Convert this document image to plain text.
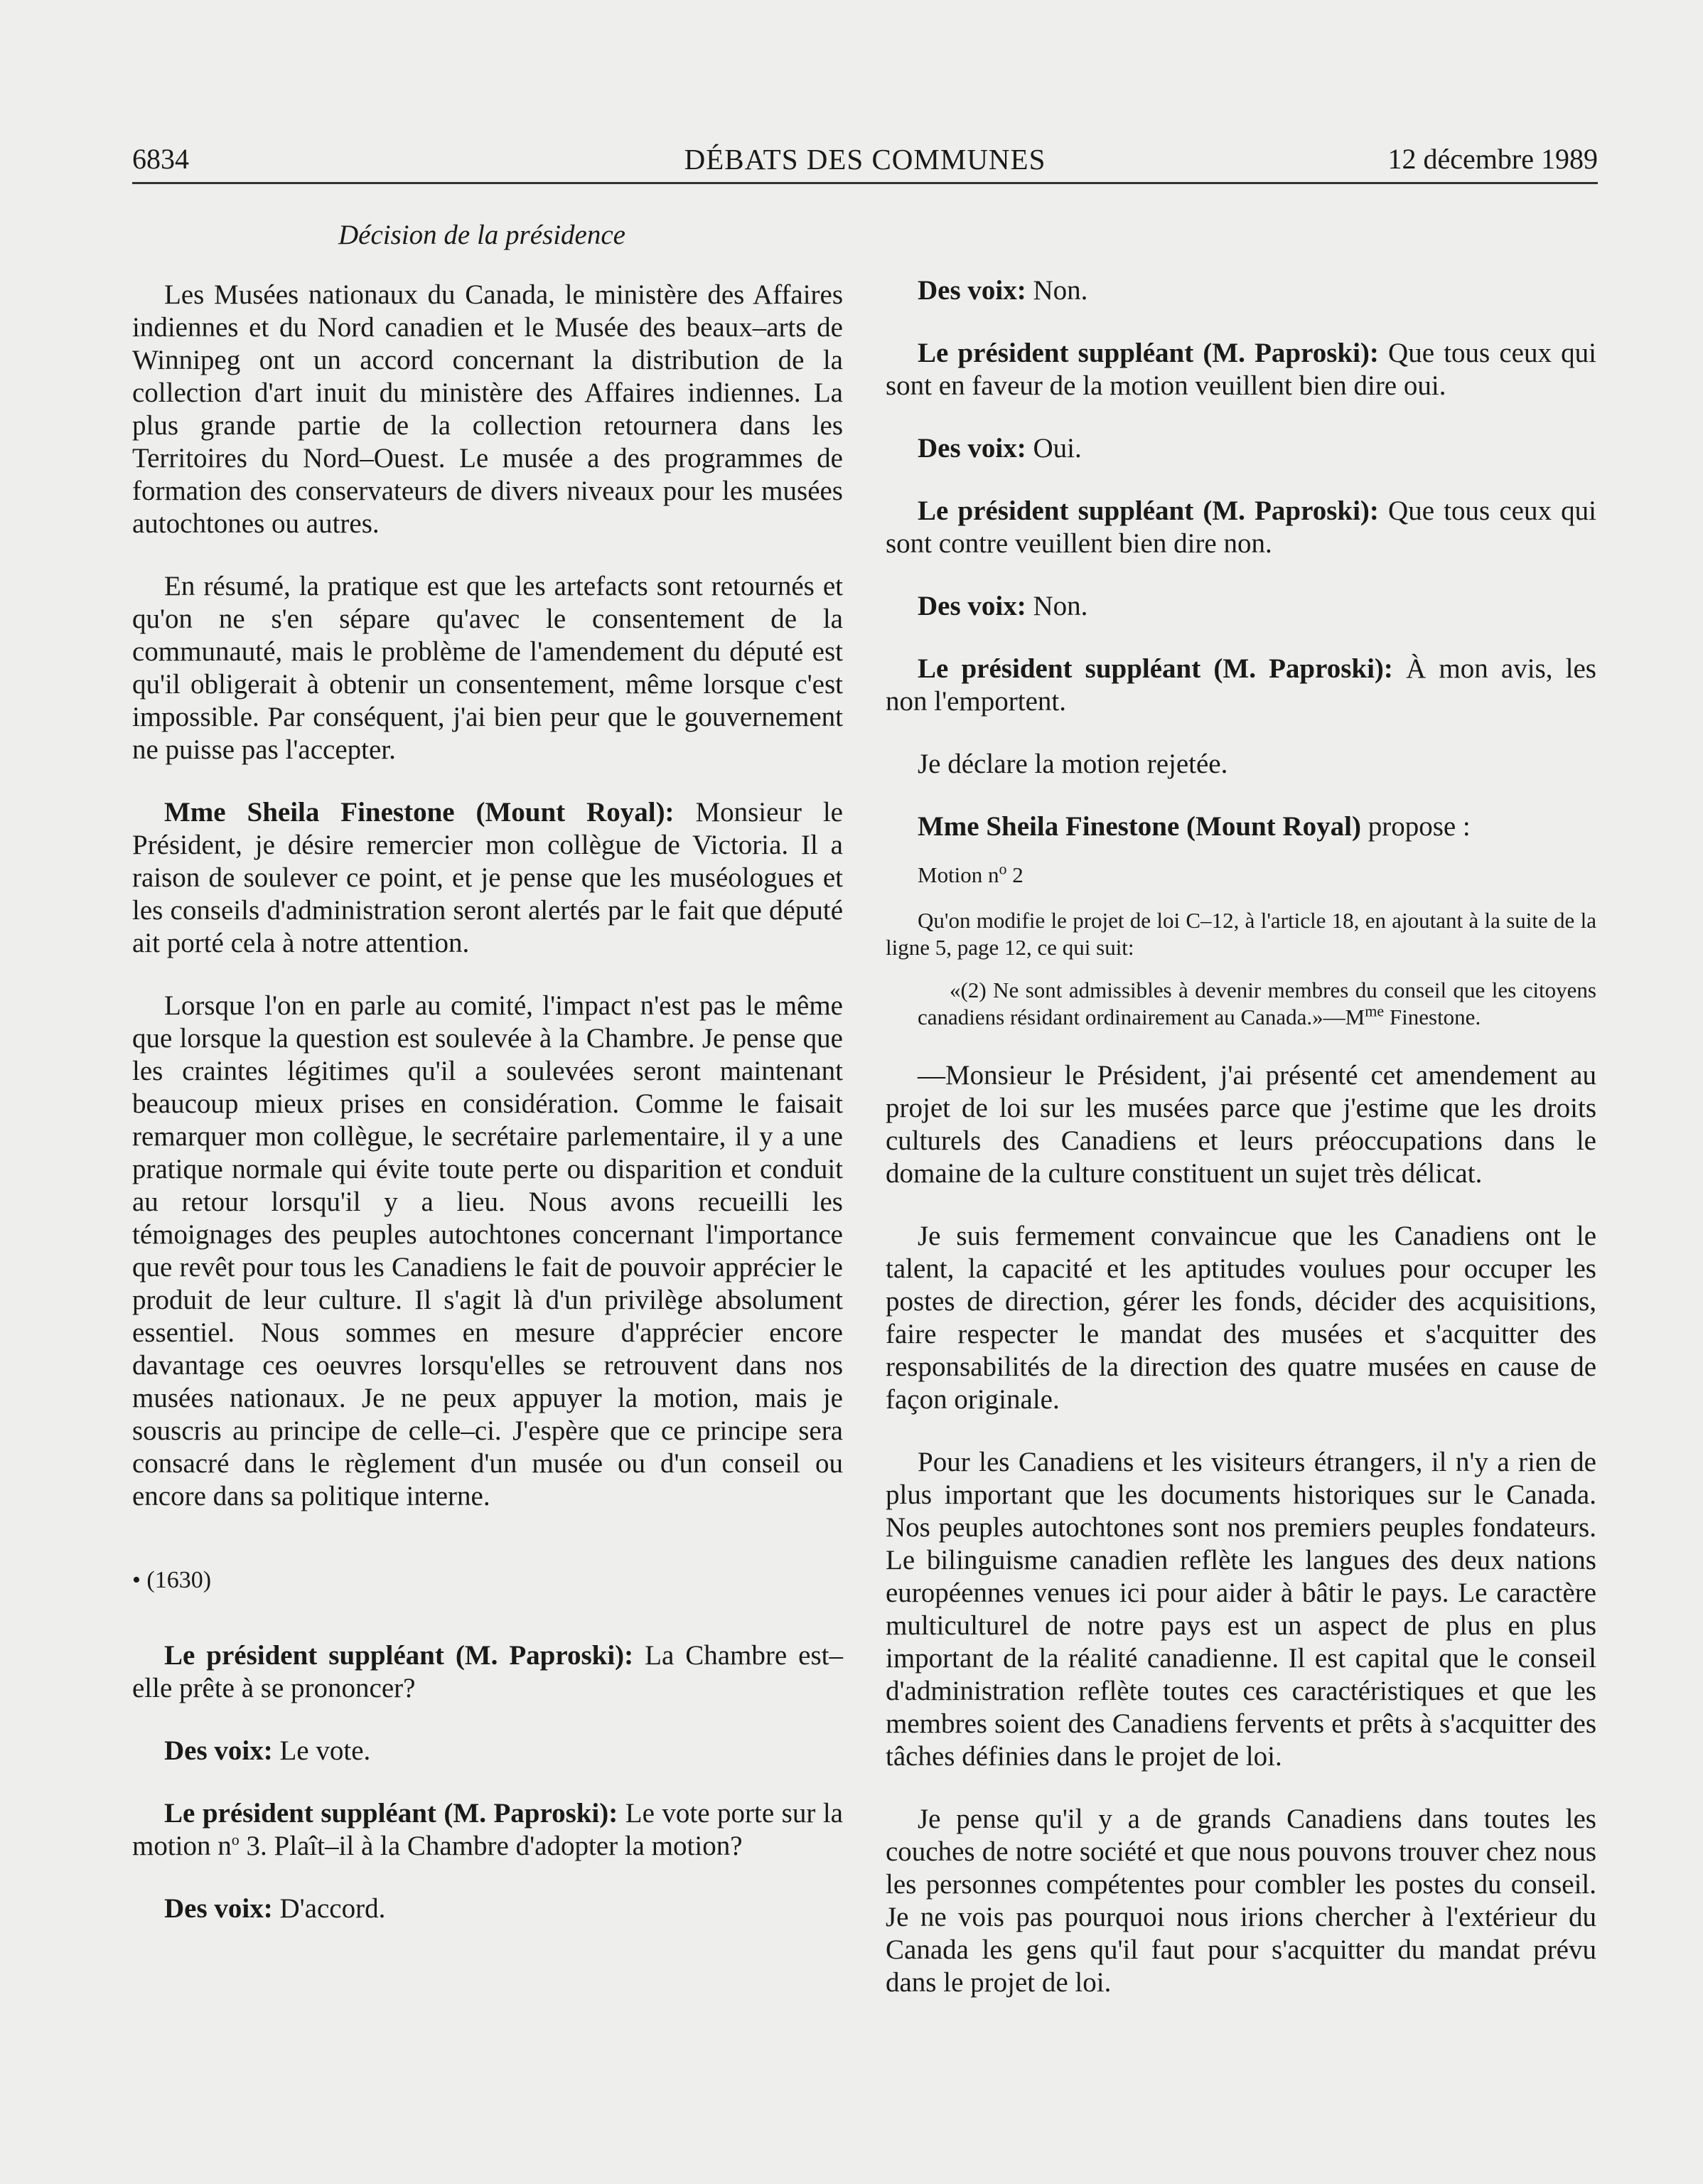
6834	DÉBATS DES COMMUNES	12 décembre 1989
Décision de la présidence

Les Musées nationaux du Canada, le ministère des Affaires indiennes et du Nord canadien et le Musée des beaux–arts de Winnipeg ont un accord concernant la distribution de la collection d'art inuit du ministère des Affaires indiennes. La plus grande partie de la collection retournera dans les Territoires du Nord–Ouest. Le musée a des programmes de formation des conservateurs de divers niveaux pour les musées autochtones ou autres.

En résumé, la pratique est que les artefacts sont retournés et qu'on ne s'en sépare qu'avec le consentement de la communauté, mais le problème de l'amendement du député est qu'il obligerait à obtenir un consentement, même lorsque c'est impossible. Par conséquent, j'ai bien peur que le gouvernement ne puisse pas l'accepter.

Mme Sheila Finestone (Mount Royal): Monsieur le Président, je désire remercier mon collègue de Victoria. Il a raison de soulever ce point, et je pense que les muséologues et les conseils d'administration seront alertés par le fait que député ait porté cela à notre attention.

Lorsque l'on en parle au comité, l'impact n'est pas le même que lorsque la question est soulevée à la Chambre. Je pense que les craintes légitimes qu'il a soulevées seront maintenant beaucoup mieux prises en considération. Comme le faisait remarquer mon collègue, le secrétaire parlementaire, il y a une pratique normale qui évite toute perte ou disparition et conduit au retour lorsqu'il y a lieu. Nous avons recueilli les témoignages des peuples autochtones concernant l'importance que revêt pour tous les Canadiens le fait de pouvoir apprécier le produit de leur culture. Il s'agit là d'un privilège absolument essentiel. Nous sommes en mesure d'apprécier encore davantage ces oeuvres lorsqu'elles se retrouvent dans nos musées nationaux. Je ne peux appuyer la motion, mais je souscris au principe de celle–ci. J'espère que ce principe sera consacré dans le règlement d'un musée ou d'un conseil ou encore dans sa politique interne.

• (1630)

Le président suppléant (M. Paproski): La Chambre est–elle prête à se prononcer?

Des voix: Le vote.

Le président suppléant (M. Paproski): Le vote porte sur la motion $n^o$ 3. Plaît–il à la Chambre d'adopter la motion?

Des voix: D'accord.

Des voix: Non.

Le président suppléant (M. Paproski): Que tous ceux qui sont en faveur de la motion veuillent bien dire oui.

Des voix: Oui.

Le président suppléant (M. Paproski): Que tous ceux qui sont contre veuillent bien dire non.

Des voix: Non.

Le président suppléant (M. Paproski): À mon avis, les non l'emportent.

Je déclare la motion rejetée.

Mme Sheila Finestone (Mount Royal) propose :

Motion $n^o$ 2

Qu'on modifie le projet de loi C–12, à l'article 18, en ajoutant à la suite de la ligne 5, page 12, ce qui suit:

«(2) Ne sont admissibles à devenir membres du conseil que les citoyens canadiens résidant ordinairement au $Canada.»—M^{me}$ Finestone.

—Monsieur le Président, j'ai présenté cet amendement au projet de loi sur les musées parce que j'estime que les droits culturels des Canadiens et leurs préoccupations dans le domaine de la culture constituent un sujet très délicat.

Je suis fermement convaincue que les Canadiens ont le talent, la capacité et les aptitudes voulues pour occuper les postes de direction, gérer les fonds, décider des acquisitions, faire respecter le mandat des musées et s'acquitter des responsabilités de la direction des quatre musées en cause de façon originale.

Pour les Canadiens et les visiteurs étrangers, il n'y a rien de plus important que les documents historiques sur le Canada. Nos peuples autochtones sont nos premiers peuples fondateurs. Le bilinguisme canadien reflète les langues des deux nations européennes venues ici pour aider à bâtir le pays. Le caractère multiculturel de notre pays est un aspect de plus en plus important de la réalité canadienne. Il est capital que le conseil d'administration reflète toutes ces caractéristiques et que les membres soient des Canadiens fervents et prêts à s'acquitter des tâches définies dans le projet de loi.

Je pense qu'il y a de grands Canadiens dans toutes les couches de notre société et que nous pouvons trouver chez nous les personnes compétentes pour combler les postes du conseil. Je ne vois pas pourquoi nous irions chercher à l'extérieur du Canada les gens qu'il faut pour s'acquitter du mandat prévu dans le projet de loi.
